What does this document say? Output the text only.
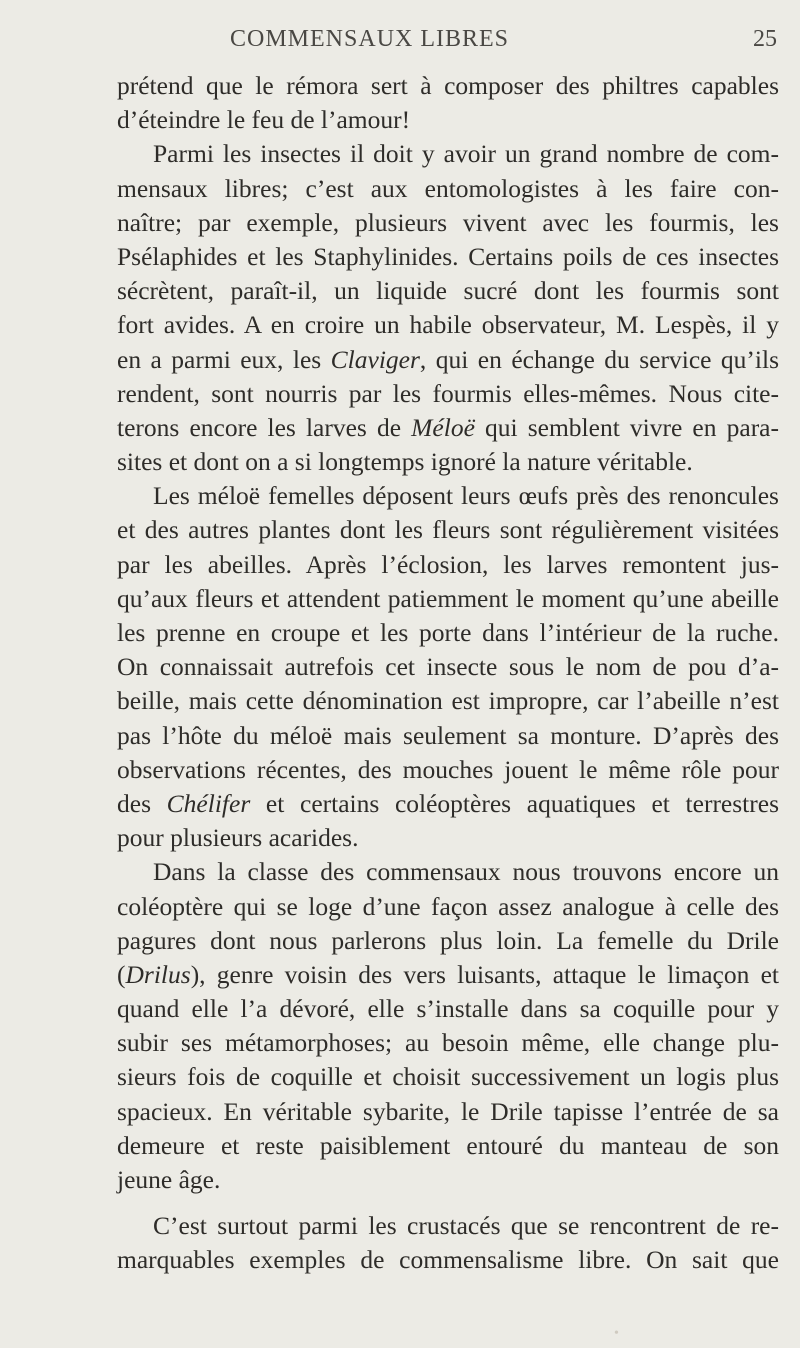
COMMENSAUX LIBRES	25
prétend que le rémora sert à composer des philtres capables
d’éteindre le feu de l’amour!
Parmi les insectes il doit y avoir un grand nombre de com-
mensaux libres; c’est aux entomologistes à les faire con-
naître; par exemple, plusieurs vivent avec les fourmis, les
Psélaphides et les Staphylinides. Certains poils de ces insectes
sécrètent, paraît-il, un liquide sucré dont les fourmis sont
fort avides. A en croire un habile observateur, M. Lespès, il y
en a parmi eux, les Claviger, qui en échange du service qu’ils
rendent, sont nourris par les fourmis elles-mêmes. Nous cite-
terons encore les larves de Méloë qui semblent vivre en para-
sites et dont on a si longtemps ignoré la nature véritable.
Les méloë femelles déposent leurs œufs près des renoncules
et des autres plantes dont les fleurs sont régulièrement visitées
par les abeilles. Après l’éclosion, les larves remontent jus-
qu’aux fleurs et attendent patiemment le moment qu’une abeille
les prenne en croupe et les porte dans l’intérieur de la ruche.
On connaissait autrefois cet insecte sous le nom de pou d’a-
beille, mais cette dénomination est impropre, car l’abeille n’est
pas l’hôte du méloë mais seulement sa monture. D’après des
observations récentes, des mouches jouent le même rôle pour
des Chélifer et certains coléoptères aquatiques et terrestres
pour plusieurs acarides.
Dans la classe des commensaux nous trouvons encore un
coléoptère qui se loge d’une façon assez analogue à celle des
pagures dont nous parlerons plus loin. La femelle du Drile
(Drilus), genre voisin des vers luisants, attaque le limaçon et
quand elle l’a dévoré, elle s’installe dans sa coquille pour y
subir ses métamorphoses; au besoin même, elle change plu-
sieurs fois de coquille et choisit successivement un logis plus
spacieux. En véritable sybarite, le Drile tapisse l’entrée de sa
demeure et reste paisiblement entouré du manteau de son
jeune âge.
C’est surtout parmi les crustacés que se rencontrent de re-
marquables exemples de commensalisme libre. On sait que
•
